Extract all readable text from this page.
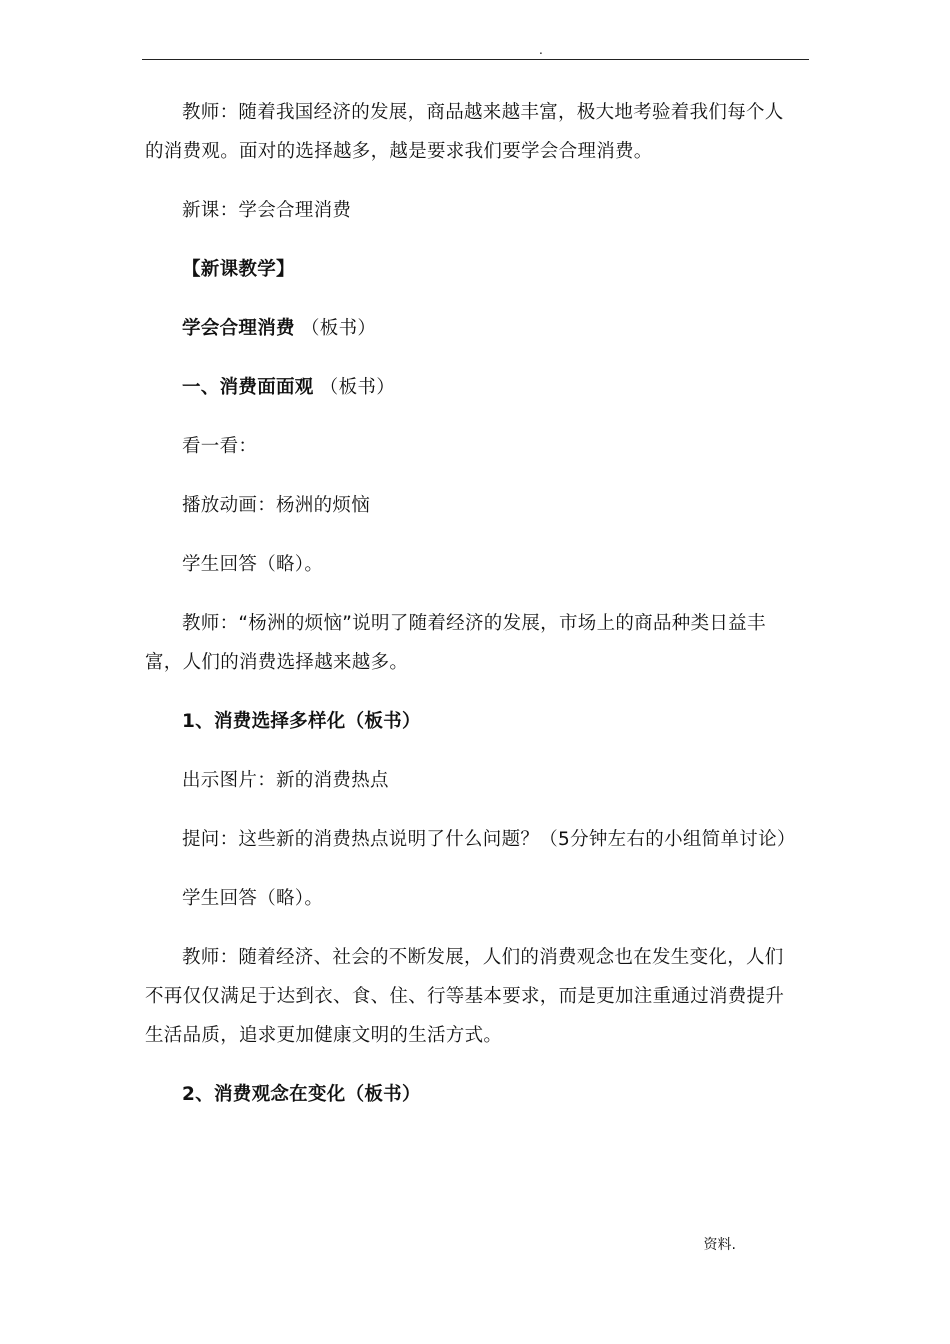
.

教师：随着我国经济的发展，商品越来越丰富，极大地考验着我们每个人的消费观。面对的选择越多，越是要求我们要学会合理消费。

新课：学会合理消费

【新课教学】

学会合理消费 （板书）

一、消费面面观 （板书）

看一看：

播放动画：杨洲的烦恼

学生回答（略）。

教师：“杨洲的烦恼”说明了随着经济的发展，市场上的商品种类日益丰富，人们的消费选择越来越多。

1、消费选择多样化（板书）

出示图片：新的消费热点

提问：这些新的消费热点说明了什么问题？（5分钟左右的小组简单讨论）

学生回答（略）。

教师：随着经济、社会的不断发展，人们的消费观念也在发生变化，人们不再仅仅满足于达到衣、食、住、行等基本要求，而是更加注重通过消费提升生活品质，追求更加健康文明的生活方式。

2、消费观念在变化（板书）

资料.
